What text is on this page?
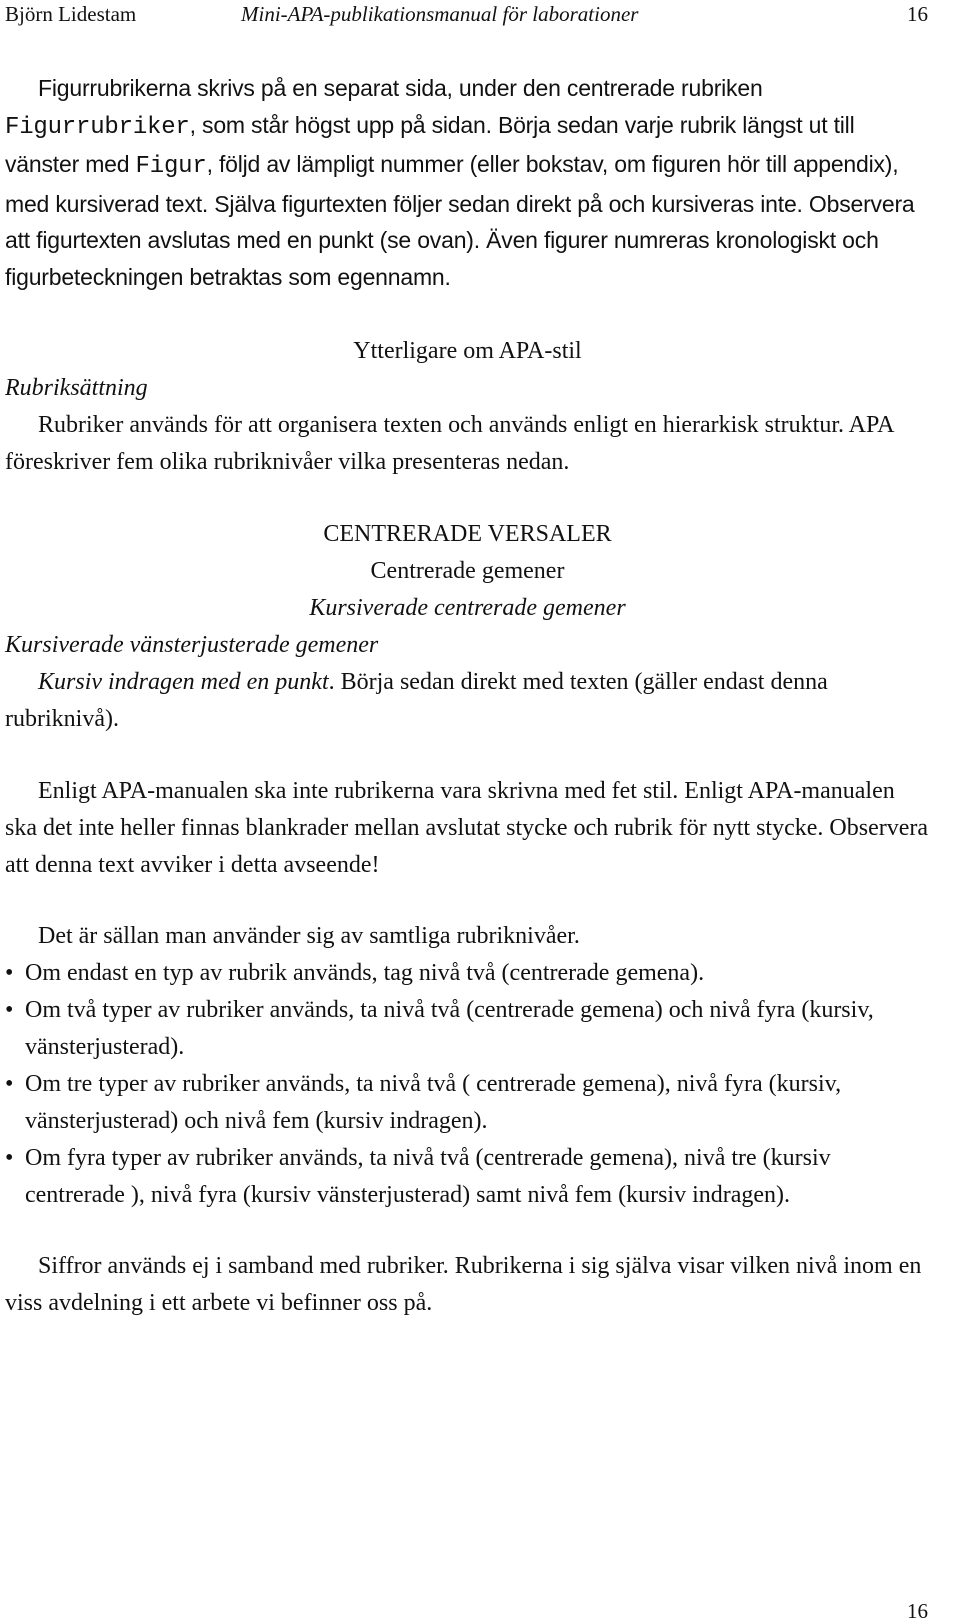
Björn Lidestam	Mini-APA-publikationsmanual för laborationer	16

Figurrubrikerna skrivs på en separat sida, under den centrerade rubriken Figurrubriker, som står högst upp på sidan. Börja sedan varje rubrik längst ut till vänster med Figur, följd av lämpligt nummer (eller bokstav, om figuren hör till appendix), med kursiverad text. Själva figurtexten följer sedan direkt på och kursiveras inte. Observera att figurtexten avslutas med en punkt (se ovan). Även figurer numreras kronologiskt och figurbeteckningen betraktas som egennamn.

Ytterligare om APA-stil

Rubriksättning

Rubriker används för att organisera texten och används enligt en hierarkisk struktur. APA föreskriver fem olika rubriknivåer vilka presenteras nedan.

CENTRERADE VERSALER

Centrerade gemener

Kursiverade centrerade gemener

Kursiverade vänsterjusterade gemener

Kursiv indragen med en punkt. Börja sedan direkt med texten (gäller endast denna rubriknivå).

Enligt APA-manualen ska inte rubrikerna vara skrivna med fet stil. Enligt APA-manualen ska det inte heller finnas blankrader mellan avslutat stycke och rubrik för nytt stycke. Observera att denna text avviker i detta avseende!

Det är sällan man använder sig av samtliga rubriknivåer.

• Om endast en typ av rubrik används, tag nivå två (centrerade gemena).
• Om två typer av rubriker används, ta nivå två (centrerade gemena) och nivå fyra (kursiv, vänsterjusterad).
• Om tre typer av rubriker används, ta nivå två ( centrerade gemena), nivå fyra (kursiv, vänsterjusterad) och nivå fem (kursiv indragen).
• Om fyra typer av rubriker används, ta nivå två (centrerade gemena), nivå tre (kursiv centrerade ), nivå fyra (kursiv vänsterjusterad) samt nivå fem (kursiv indragen).

Siffror används ej i samband med rubriker. Rubrikerna i sig själva visar vilken nivå inom en viss avdelning i ett arbete vi befinner oss på.

16
